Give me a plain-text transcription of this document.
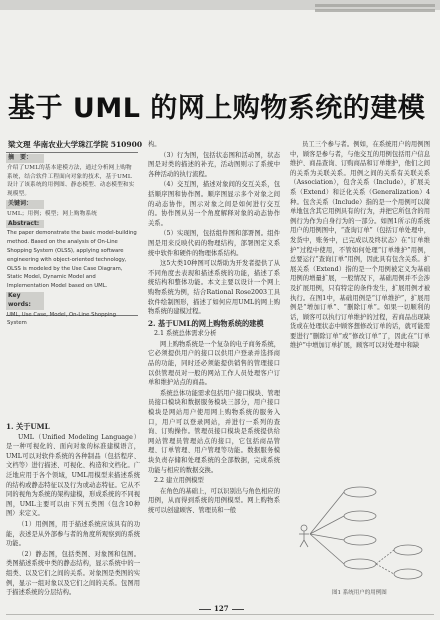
基于 UML 的网上购物系统的建模
梁文理 华南农业大学珠江学院 510900
摘　要：
介绍了UML的基本建模方法，通过分析网上购物系统，结合软件工程面向对象的技术，基于UML 设计了该系统的用例图、静态模型、动态模型和实现模型。
关键词：
UML；用例；模型；网上购物系统
Abstract:
The paper demonstrate the basic model-building method. Based on the analysis of On-Line Shopping System (OLSS), applying software engineering with object-oriented technology, OLSS is modeled by the Use Case Diagram, Static Model, Dynamic Model and Implementation Model based on UML.
Key words:
UML, Use Case, Model, On-Line Shopping System
1. 关于UML

UML（Unified Modeling Language）是一种可视化的、面向对象的标准建模语言，UML可以对软件系统的各种制品（包括程序、文档等）进行描述、可视化、构造和文档化。广泛地应用于各个领域，UML用模型来描述系统的结构或静态特征以及行为或动态特征。它从不同的视角为系统的架构建模，形成系统的不同视图，UML主要可以由下列五类图（包含10种图）来定义。

（1）用例图，用于描述系统应该具有的功能，表述是从外部参与者的角度所观察到的系统功能。

（2）静态图，包括类图、对象图和包图。类图描述系统中类的静态结构，显示系统中的一组类、以及它们之间的关系。对象图是类图的实例，显示一组对象以及它们之间的关系。包图用于描述系统的分层结构。

构。

（3）行为图，包括状态图和活动图，状态图是对类的描述的补充，活动图则示了系统中各种活动的执行流程。

（4）交互图，描述对象间的交互关系，包括顺序图和协作图。顺序图显示多个对象之间的动态协作，图示对象之间是如何进行交互的。协作图从另一个角度解释对象的动态协作关系。

（5）实现图，包括组件图和部署图。组件图是用来反映代码的物理结构，部署图定义系统中软件和硬件的物理体系结构。

这5大类10种图可以帮助为开发者提供了从不同角度去表现和描述系统的功能，描述了系统结构和整体功能。本文主要以设计一个网上购物系统为例，结合Rational Rose2003工具软件绘制图形，描述了如何应用UML的网上购物系统的建模过程。

2. 基于UML的网上购物系统的建模
2.1 系统总体需求分析

网上购物系统是一个复杂的电子商务系统，它必须提供用户的接口以供用户登录并选择商品的功能，同时还必须能提供销售的管理接口以供管理员对一般的网站工作人员处理客户订单和维护站点的商品。

系统总体功能需求包括用户接口模块、管理员接口模块和数据服务模块三部分，用户接口模块是网站用户使用网上购物系统的服务入口，用户可以登录网站，并进行一系列的查询、订购操作。管理员接口模块是系统提供给网站管理员管理站点的接口，它包括商品管理、订单管理、用户管理等功能。数据服务模块负责存储和处理系统的全部数据，完成系统功能与相应的数据交换。

2.2 建立用例模型

在角色的基础上，可以识别出与角色相应的用例，从而得到系统的用例模型。网上购物系统可以创建顾客、管理员和一般

员工三个参与者。例如，在系统用户的用例图中，顾客是参与者，与他交互的用例包括用户信息维护、商品查询、订购商品和订单维护，他们之间的关系为关联关系。用例之间的关系有关联关系（Association），包含关系（Include），扩展关系（Extend）和泛化关系（Generalization）4种。包含关系（Include）指的是一个用例可以简单地包含其它用例具有的行为，并把它所包含的用例行为作为自身行为的一部分。如图1所示的系统用户的用例图中，“查询订单”（包括订单处理中，发货中，账务中，已完成以及终状态）在“订单维护”过程中使用，不管如何处理“订单维护”用例，总要运行“查询订单”用例，因此具有包含关系。扩展关系（Extend）指的是一个用例被定义为基础用例的增量扩展，一般情况下，基础用例并不会涉及扩展用例，只有特定的条件发生，扩展用例才被执行。在图1中，基础用例是“订单维护”，扩展用例是“增加订单”、“删除订单”。如果一切顺利的话，顾客可以执行订单维护的过程，若商品出现缺货或在处理状态中顾客想修改订单的话，就可能需要进行“删除订单”或“修改订单”了，因此在“订单维护”中增加订单扩展，顾客可以对处理中和缺

图1 系统用户的用例图
127
